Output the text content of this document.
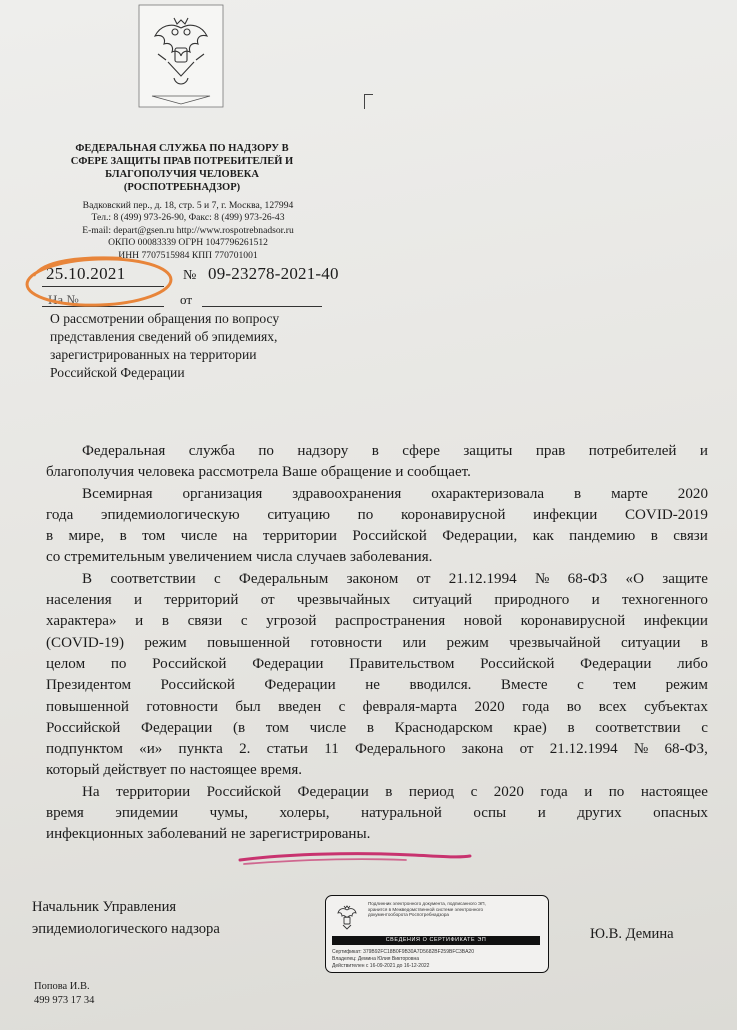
ФЕДЕРАЛЬНАЯ СЛУЖБА ПО НАДЗОРУ В
СФЕРЕ ЗАЩИТЫ ПРАВ ПОТРЕБИТЕЛЕЙ И
БЛАГОПОЛУЧИЯ ЧЕЛОВЕКА
(РОСПОТРЕБНАДЗОР)
Вадковский пер., д. 18, стр. 5 и 7, г. Москва, 127994
Тел.: 8 (499) 973-26-90, Факс: 8 (499) 973-26-43
E-mail: depart@gsen.ru http://www.rospotrebnadsor.ru
ОКПО 00083339 ОГРН 1047796261512
ИНН 7707515984 КПП 770701001
25.10.2021	№ 09-23278-2021-40
На №	от
О рассмотрении обращения по вопросу
представления сведений об эпидемиях,
зарегистрированных на территории
Российской Федерации
Федеральная служба по надзору в сфере защиты прав потребителей и
благополучия человека рассмотрела Ваше обращение и сообщает.
Всемирная организация здравоохранения охарактеризовала в марте 2020
года эпидемиологическую ситуацию по коронавирусной инфекции COVID-2019
в мире, в том числе на территории Российской Федерации, как пандемию в связи
со стремительным увеличением числа случаев заболевания.
В соответствии с Федеральным законом от 21.12.1994 № 68-ФЗ «О защите
населения и территорий от чрезвычайных ситуаций природного и техногенного
характера» и в связи с угрозой распространения новой коронавирусной инфекции
(COVID-19) режим повышенной готовности или режим чрезвычайной ситуации в
целом по Российской Федерации Правительством Российской Федерации либо
Президентом Российской Федерации не вводился. Вместе с тем режим
повышенной готовности был введен с февраля-марта 2020 года во всех субъектах
Российской Федерации (в том числе в Краснодарском крае) в соответствии с
подпунктом «и» пункта 2. статьи 11 Федерального закона от 21.12.1994 № 68-ФЗ,
который действует по настоящее время.
На территории Российской Федерации в период с 2020 года и по настоящее
время эпидемии чумы, холеры, натуральной оспы и других опасных
инфекционных заболеваний не зарегистрированы.
Начальник Управления
эпидемиологического надзора
Подлинник электронного документа, подписанного ЭП,
хранится в Межведомственной системе электронного
документооборота Роспотребнадзора
СВЕДЕНИЯ О СЕРТИФИКАТЕ ЭП
Сертификат: 379B92FC18B0F9B30A7D5682BF259BFC3BA20
Владелец: Демина Юлия Викторовна
Действителен с 16-09-2021 до 16-12-2022
Ю.В. Демина
Попова И.В.
499 973 17 34
